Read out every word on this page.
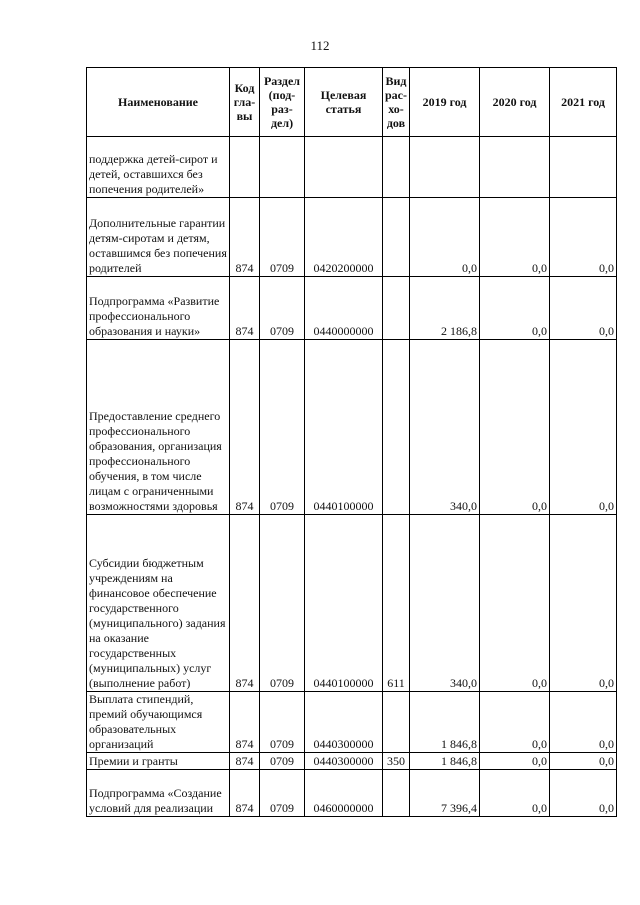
112
Наименование	Код гла-вы	Раздел (под-раз-дел)	Целевая статья	Вид рас-хо-дов	2019 год	2020 год	2021 год
поддержка детей-сирот и детей, оставшихся без попечения родителей»							
Дополнительные гарантии детям-сиротам и детям, оставшимся без попечения родителей	874	0709	0420200000		0,0	0,0	0,0
Подпрограмма «Развитие профессионального образования и науки»	874	0709	0440000000		2 186,8	0,0	0,0
Предоставление среднего профессионального образования, организация профессионального обучения, в том числе лицам с ограниченными возможностями здоровья	874	0709	0440100000		340,0	0,0	0,0
Субсидии бюджетным учреждениям на финансовое обеспечение государственного (муниципального) задания на оказание государственных (муниципальных) услуг (выполнение работ)	874	0709	0440100000	611	340,0	0,0	0,0
Выплата стипендий, премий обучающимся образовательных организаций	874	0709	0440300000		1 846,8	0,0	0,0
Премии и гранты	874	0709	0440300000	350	1 846,8	0,0	0,0
Подпрограмма «Создание условий для реализации	874	0709	0460000000		7 396,4	0,0	0,0
